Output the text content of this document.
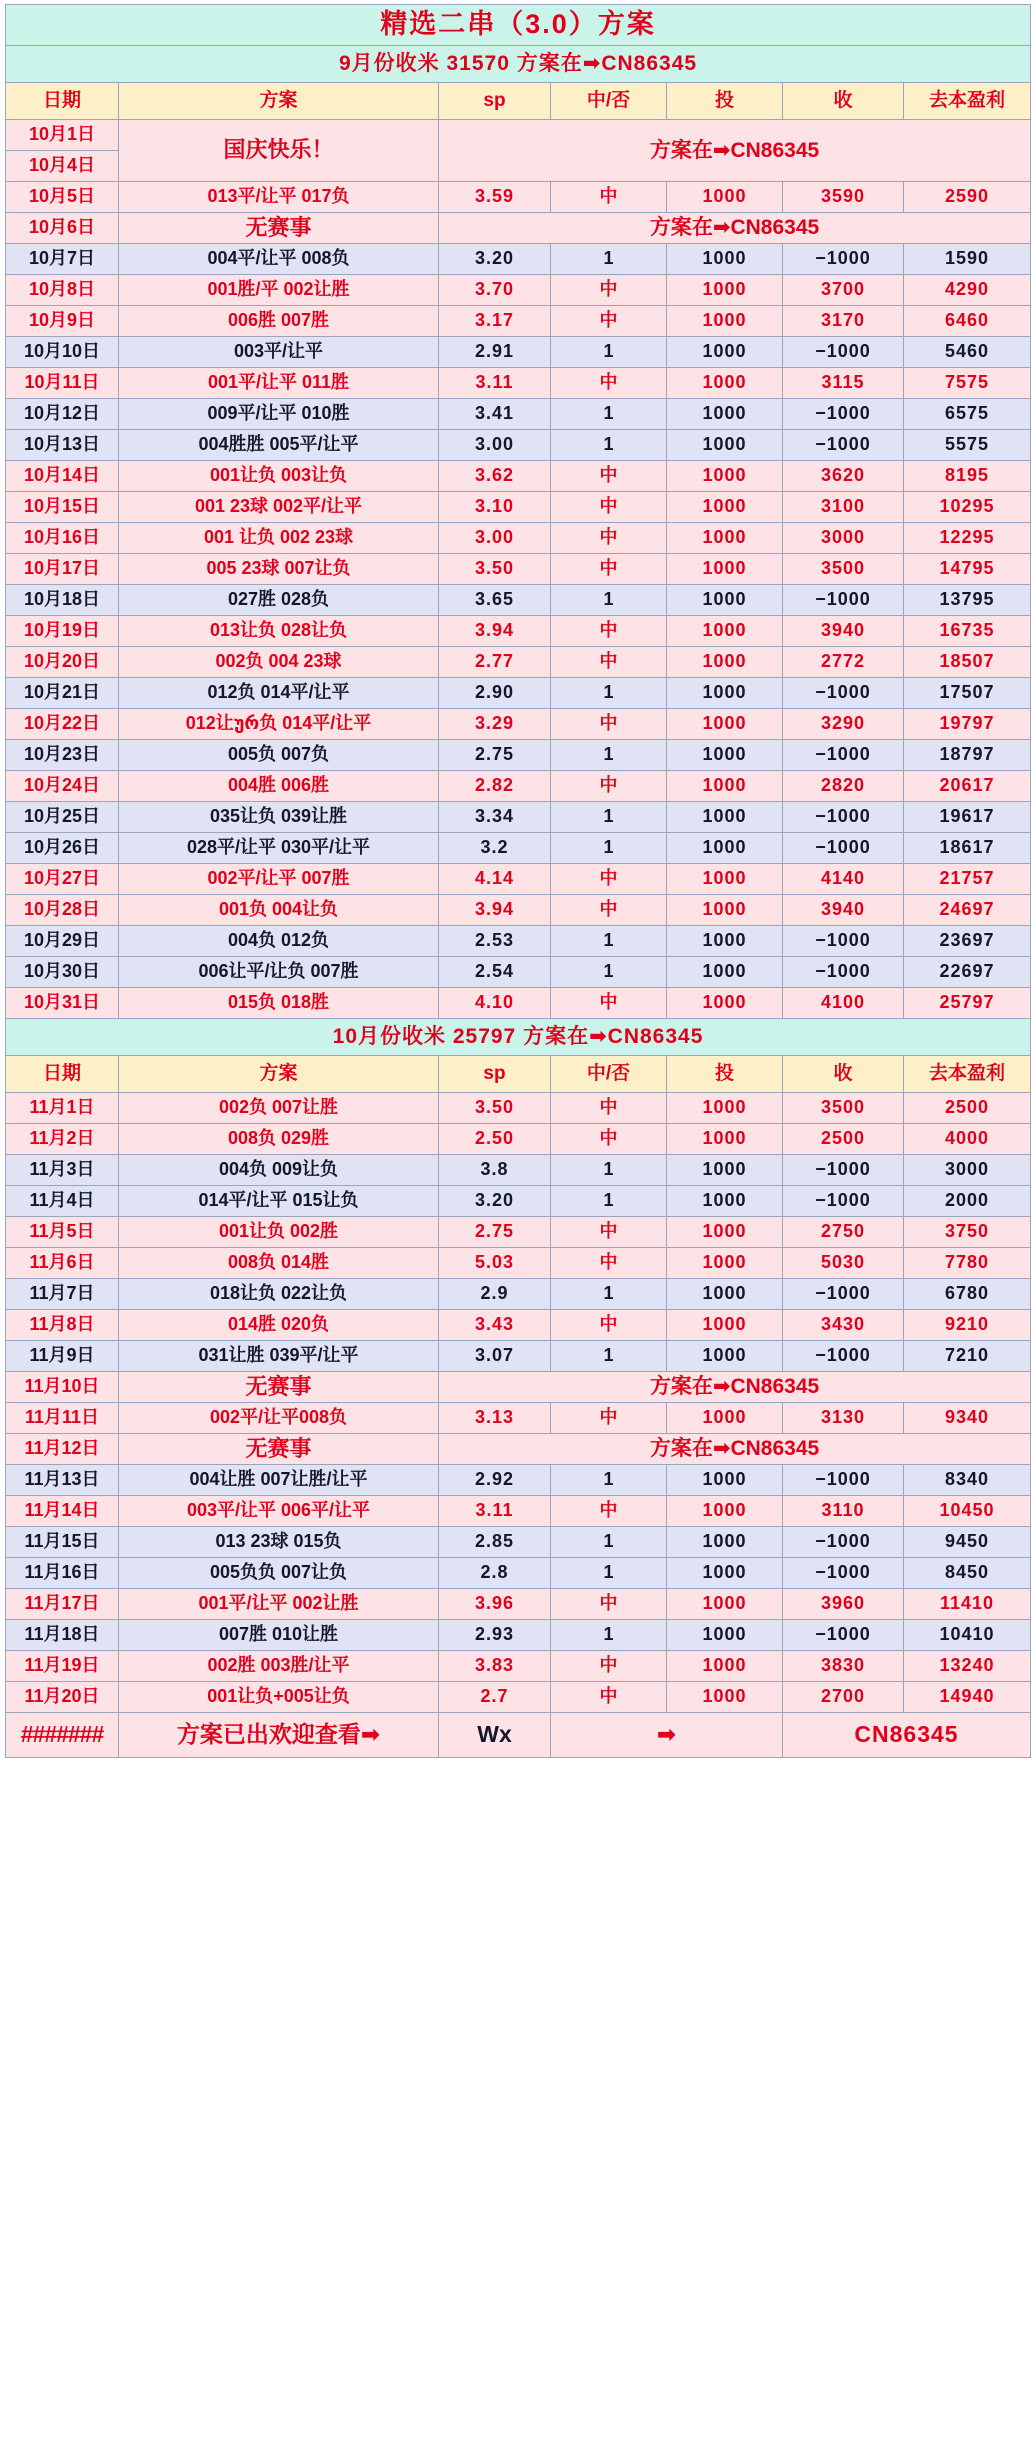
精选二串（3.0）方案						
9月份收米 31570 方案在➡CN86345						
日期	方案	sp	中/否	投	收	去本盈利
10月1日	国庆快乐！	方案在➡CN86345				
10月4日						
10月5日	013平/让平 017负	3.59	中	1000	3590	2590
10月6日	无赛事	方案在➡CN86345				
10月7日	004平/让平 008负	3.20	1	1000	−1000	1590
10月8日	001胜/平 002让胜	3.70	中	1000	3700	4290
10月9日	006胜 007胜	3.17	中	1000	3170	6460
10月10日	003平/让平	2.91	1	1000	−1000	5460
10月11日	001平/让平 011胜	3.11	中	1000	3115	7575
10月12日	009平/让平 010胜	3.41	1	1000	−1000	6575
10月13日	004胜胜 005平/让平	3.00	1	1000	−1000	5575
10月14日	001让负 003让负	3.62	中	1000	3620	8195
10月15日	001 23球 002平/让平	3.10	中	1000	3100	10295
10月16日	001 让负 002 23球	3.00	中	1000	3000	12295
10月17日	005 23球 007让负	3.50	中	1000	3500	14795
10月18日	027胜 028负	3.65	1	1000	−1000	13795
10月19日	013让负 028让负	3.94	中	1000	3940	16735
10月20日	002负 004 23球	2.77	中	1000	2772	18507
10月21日	012负 014平/让平	2.90	1	1000	−1000	17507
10月22日	012让ურ负 014平/让平	3.29	中	1000	3290	19797
10月23日	005负 007负	2.75	1	1000	−1000	18797
10月24日	004胜 006胜	2.82	中	1000	2820	20617
10月25日	035让负 039让胜	3.34	1	1000	−1000	19617
10月26日	028平/让平 030平/让平	3.2	1	1000	−1000	18617
10月27日	002平/让平 007胜	4.14	中	1000	4140	21757
10月28日	001负 004让负	3.94	中	1000	3940	24697
10月29日	004负 012负	2.53	1	1000	−1000	23697
10月30日	006让平/让负 007胜	2.54	1	1000	−1000	22697
10月31日	015负 018胜	4.10	中	1000	4100	25797
10月份收米 25797 方案在➡CN86345						
日期	方案	sp	中/否	投	收	去本盈利
11月1日	002负 007让胜	3.50	中	1000	3500	2500
11月2日	008负 029胜	2.50	中	1000	2500	4000
11月3日	004负 009让负	3.8	1	1000	−1000	3000
11月4日	014平/让平 015让负	3.20	1	1000	−1000	2000
11月5日	001让负 002胜	2.75	中	1000	2750	3750
11月6日	008负 014胜	5.03	中	1000	5030	7780
11月7日	018让负 022让负	2.9	1	1000	−1000	6780
11月8日	014胜 020负	3.43	中	1000	3430	9210
11月9日	031让胜 039平/让平	3.07	1	1000	−1000	7210
11月10日	无赛事	方案在➡CN86345				
11月11日	002平/让平008负	3.13	中	1000	3130	9340
11月12日	无赛事	方案在➡CN86345				
11月13日	004让胜 007让胜/让平	2.92	1	1000	−1000	8340
11月14日	003平/让平 006平/让平	3.11	中	1000	3110	10450
11月15日	013 23球 015负	2.85	1	1000	−1000	9450
11月16日	005负负 007让负	2.8	1	1000	−1000	8450
11月17日	001平/让平 002让胜	3.96	中	1000	3960	11410
11月18日	007胜 010让胜	2.93	1	1000	−1000	10410
11月19日	002胜 003胜/让平	3.83	中	1000	3830	13240
11月20日	001让负+005让负	2.7	中	1000	2700	14940
#######	方案已出欢迎查看➡	Wx	➡		CN86345	
